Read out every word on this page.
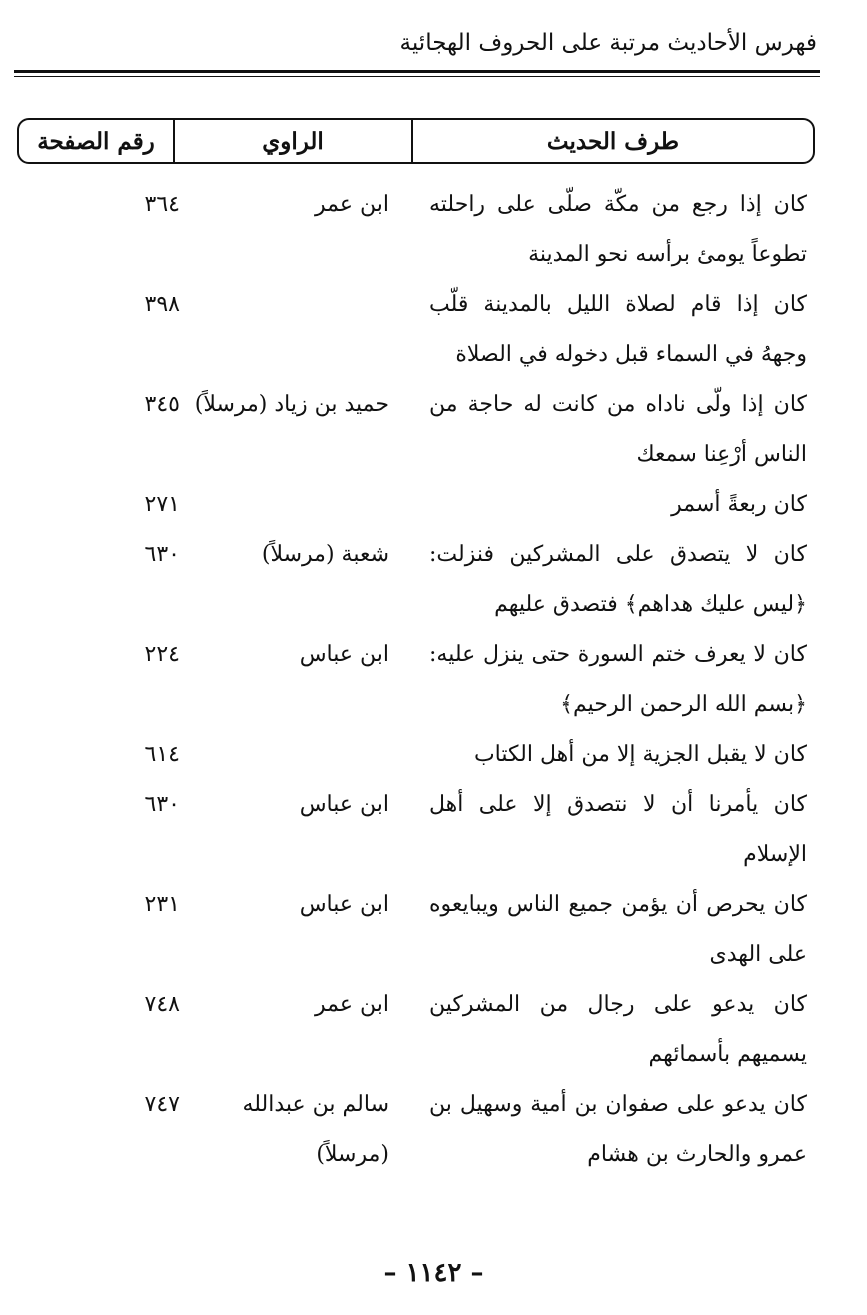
فهرس الأحاديث مرتبة على الحروف الهجائية
طرف الحديث
الراوي
رقم الصفحة
كان إذا رجع من مكّة صلّى على راحلته تطوعاً يومئ برأسه نحو المدينة
ابن عمر
٣٦٤
كان إذا قام لصلاة الليل بالمدينة قلّب وجههُ في السماء قبل دخوله في الصلاة
٣٩٨
كان إذا ولّى ناداه من كانت له حاجة من الناس أرْعِنا سمعك
حميد بن زياد (مرسلاً)
٣٤٥
كان ربعةً أسمر
٢٧١
كان لا يتصدق على المشركين فنزلت: ﴿ليس عليك هداهم﴾ فتصدق عليهم
شعبة (مرسلاً)
٦٣٠
كان لا يعرف ختم السورة حتى ينزل عليه: ﴿بسم الله الرحمن الرحيم﴾
ابن عباس
٢٢٤
كان لا يقبل الجزية إلا من أهل الكتاب
٦١٤
كان يأمرنا أن لا نتصدق إلا على أهل الإسلام
ابن عباس
٦٣٠
كان يحرص أن يؤمن جميع الناس ويبايعوه على الهدى
ابن عباس
٢٣١
كان يدعو على رجال من المشركين يسميهم بأسمائهم
ابن عمر
٧٤٨
كان يدعو على صفوان بن أمية وسهيل بن عمرو والحارث بن هشام
سالم بن عبدالله (مرسلاً)
٧٤٧
– ١١٤٢ –
